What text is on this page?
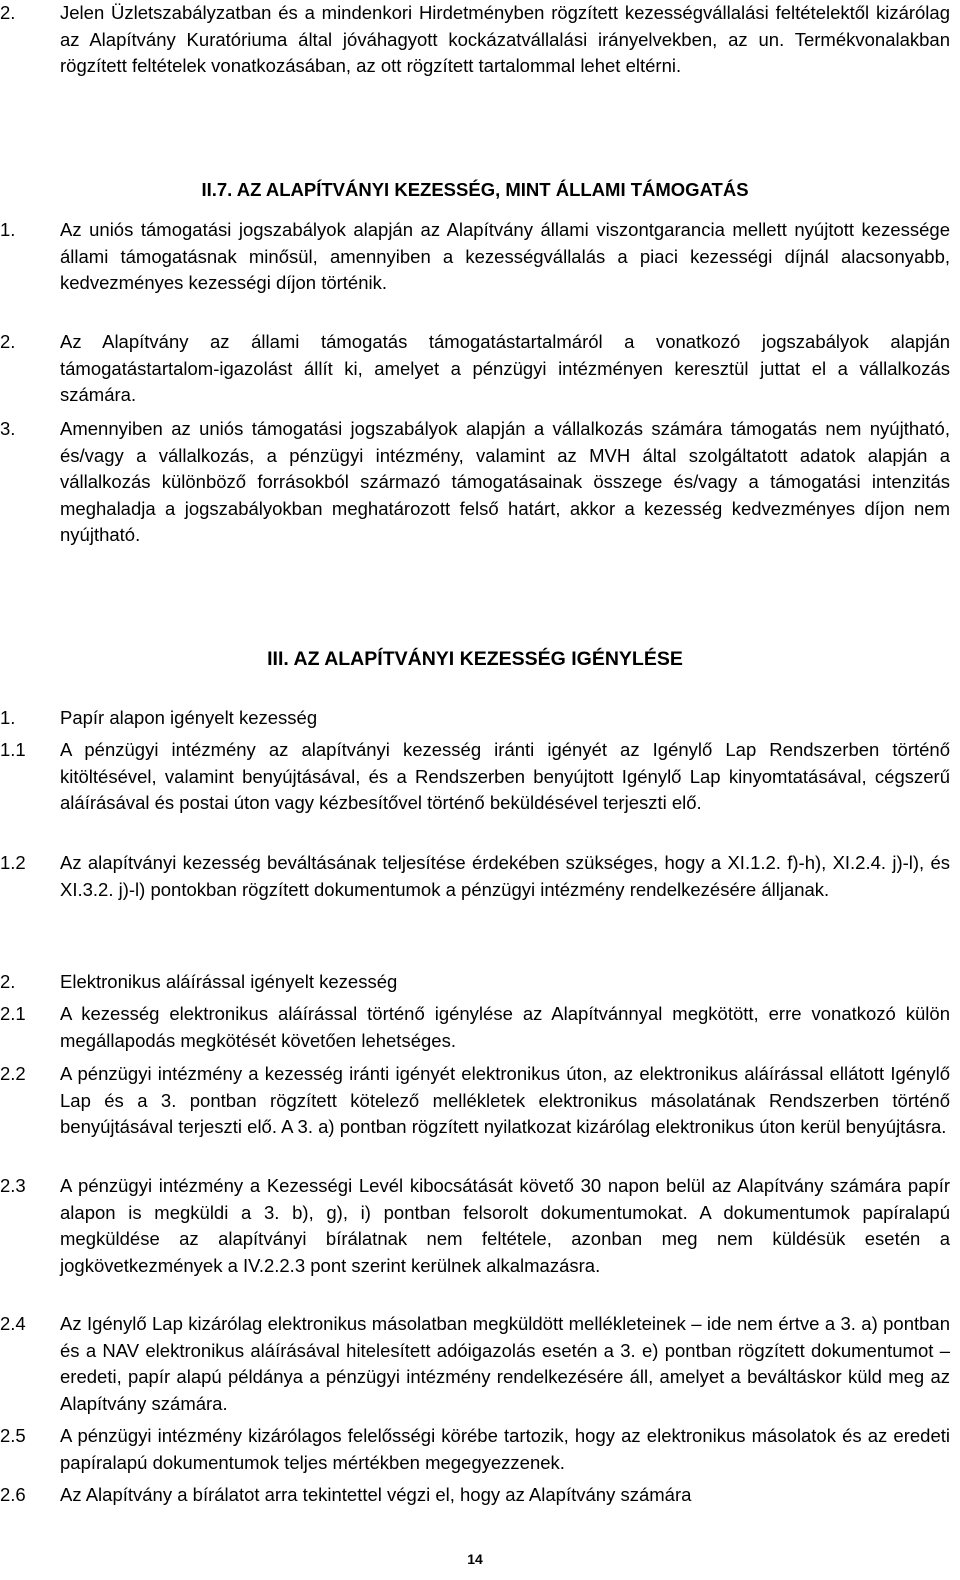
2.	Jelen Üzletszabályzatban és a mindenkori Hirdetményben rögzített kezességvállalási feltételektől kizárólag az Alapítvány Kuratóriuma által jóváhagyott kockázatvállalási irányelvekben, az un. Termékvonalakban rögzített feltételek vonatkozásában, az ott rögzített tartalommal lehet eltérni.
II.7. AZ ALAPÍTVÁNYI KEZESSÉG, MINT ÁLLAMI TÁMOGATÁS
1.	Az uniós támogatási jogszabályok alapján az Alapítvány állami viszontgarancia mellett nyújtott kezessége állami támogatásnak minősül, amennyiben a kezességvállalás a piaci kezességi díjnál alacsonyabb, kedvezményes kezességi díjon történik.
2.	Az Alapítvány az állami támogatás támogatástartalmáról a vonatkozó jogszabályok alapján támogatástartalom-igazolást állít ki, amelyet a pénzügyi intézményen keresztül juttat el a vállalkozás számára.
3.	Amennyiben az uniós támogatási jogszabályok alapján a vállalkozás számára támogatás nem nyújtható, és/vagy a vállalkozás, a pénzügyi intézmény, valamint az MVH által szolgáltatott adatok alapján a vállalkozás különböző forrásokból származó támogatásainak összege és/vagy a támogatási intenzitás meghaladja a jogszabályokban meghatározott felső határt, akkor a kezesség kedvezményes díjon nem nyújtható.
III. AZ ALAPÍTVÁNYI KEZESSÉG IGÉNYLÉSE
1.	Papír alapon igényelt kezesség
1.1	A pénzügyi intézmény az alapítványi kezesség iránti igényét az Igénylő Lap Rendszerben történő kitöltésével, valamint benyújtásával, és a Rendszerben benyújtott Igénylő Lap kinyomtatásával, cégszerű aláírásával és postai úton vagy kézbesítővel történő beküldésével terjeszti elő.
1.2	Az alapítványi kezesség beváltásának teljesítése érdekében szükséges, hogy a XI.1.2. f)-h), XI.2.4. j)-l), és XI.3.2. j)-l) pontokban rögzített dokumentumok a pénzügyi intézmény rendelkezésére álljanak.
2.	Elektronikus aláírással igényelt kezesség
2.1	A kezesség elektronikus aláírással történő igénylése az Alapítvánnyal megkötött, erre vonatkozó külön megállapodás megkötését követően lehetséges.
2.2	A pénzügyi intézmény a kezesség iránti igényét elektronikus úton, az elektronikus aláírással ellátott Igénylő Lap és a 3. pontban rögzített kötelező mellékletek elektronikus másolatának Rendszerben történő benyújtásával terjeszti elő. A 3. a) pontban rögzített nyilatkozat kizárólag elektronikus úton kerül benyújtásra.
2.3	A pénzügyi intézmény a Kezességi Levél kibocsátását követő 30 napon belül az Alapítvány számára papír alapon is megküldi a 3. b), g), i) pontban felsorolt dokumentumokat. A dokumentumok papíralapú megküldése az alapítványi bírálatnak nem feltétele, azonban meg nem küldésük esetén a jogkövetkezmények a IV.2.2.3 pont szerint kerülnek alkalmazásra.
2.4	Az Igénylő Lap kizárólag elektronikus másolatban megküldött mellékleteinek – ide nem értve a 3. a) pontban és a NAV elektronikus aláírásával hitelesített adóigazolás esetén a 3. e) pontban rögzített dokumentumot – eredeti, papír alapú példánya a pénzügyi intézmény rendelkezésére áll, amelyet a beváltáskor küld meg az Alapítvány számára.
2.5	A pénzügyi intézmény kizárólagos felelősségi körébe tartozik, hogy az elektronikus másolatok és az eredeti papíralapú dokumentumok teljes mértékben megegyezzenek.
2.6	Az Alapítvány a bírálatot arra tekintettel végzi el, hogy az Alapítvány számára
14
